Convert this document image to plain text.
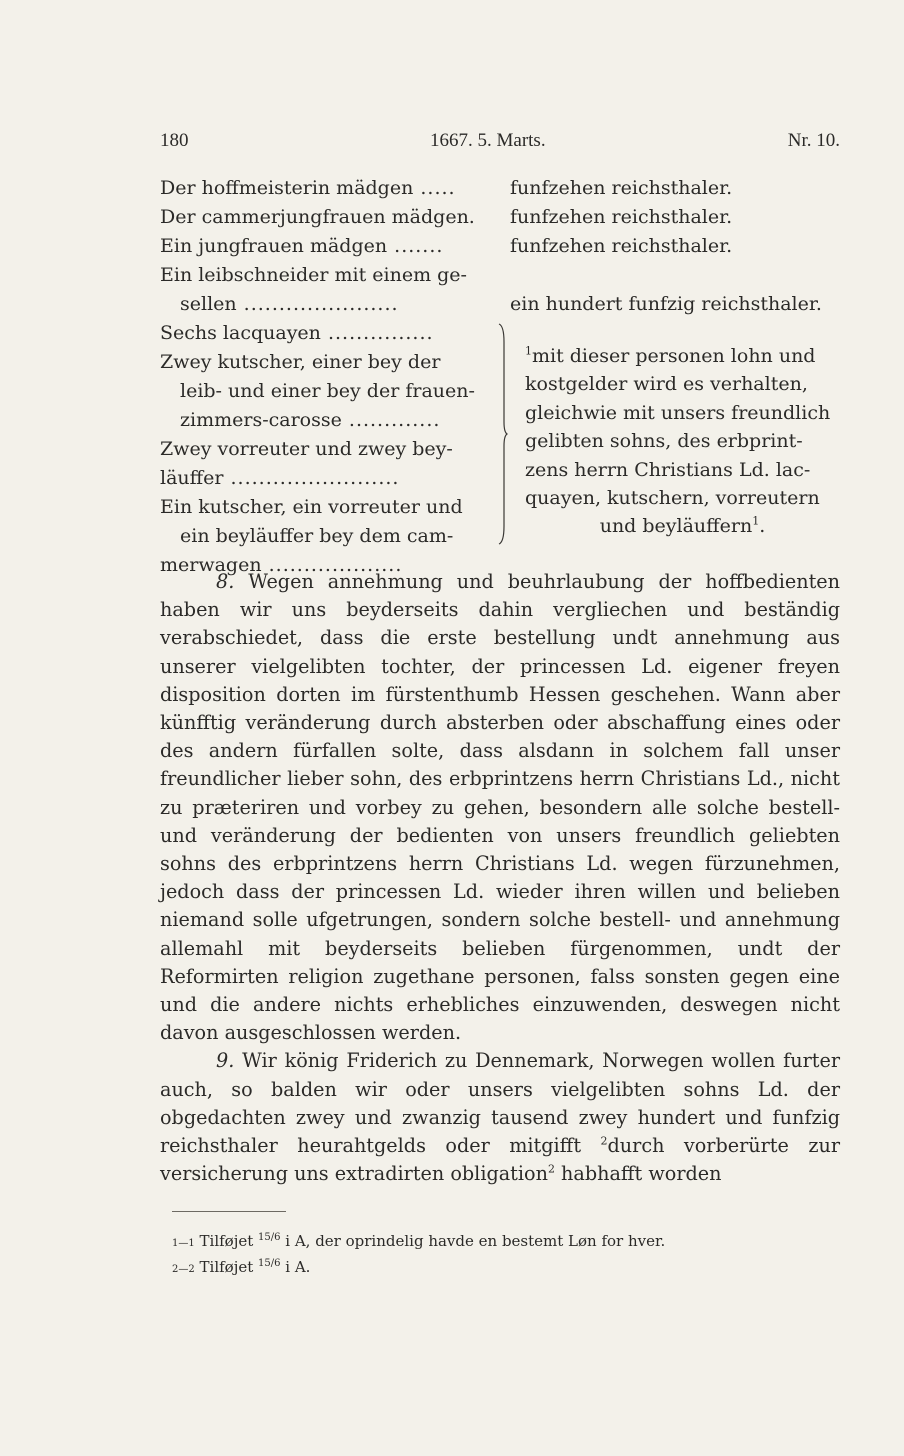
180	1667. 5. Marts.	Nr. 10.
Der hoffmeisterin mädgen .....	funfzehen reichsthaler.
Der cammerjungfrauen mädgen.	funfzehen reichsthaler.
Ein jungfrauen mädgen .......	funfzehen reichsthaler.
Ein leibschneider mit einem ge-
sellen ......................	ein hundert funfzig reichsthaler.
Sechs lacquayen ...............
Zwey kutscher, einer bey der
leib- und einer bey der frauen-
zimmers-carosse .............
Zwey vorreuter und zwey bey-
läuffer ........................
Ein kutscher, ein vorreuter und
ein beyläuffer bey dem cam-
merwagen ...................
$^1$mit dieser personen lohn und
kostgelder wird es verhalten,
gleichwie mit unsers freundlich
gelibten sohns, des erbprint-
zens herrn Christians Ld. lac-
quayen, kutschern, vorreutern
und beyläuffern$^1$.

8. Wegen annehmung und beuhrlaubung der hoffbedienten haben wir uns beyderseits dahin vergliechen und beständig verabschiedet, dass die erste bestellung undt annehmung aus unserer vielgelibten tochter, der princessen Ld. eigener freyen disposition dorten im fürstenthumb Hessen geschehen. Wann aber künfftig veränderung durch absterben oder abschaffung eines oder des andern fürfallen solte, dass alsdann in solchem fall unser freundlicher lieber sohn, des erbprintzens herrn Christians Ld., nicht zu præteriren und vorbey zu gehen, besondern alle solche bestell- und veränderung der bedienten von unsers freundlich geliebten sohns des erbprintzens herrn Christians Ld. wegen fürzunehmen, jedoch dass der princessen Ld. wieder ihren willen und belieben niemand solle ufgetrungen, sondern solche bestell- und annehmung allemahl mit beyderseits belieben fürgenommen, undt der Reformirten religion zugethane personen, falss sonsten gegen eine und die andere nichts erhebliches einzuwenden, deswegen nicht davon ausgeschlossen werden.

9. Wir könig Friderich zu Dennemark, Norwegen wollen furter auch, so balden wir oder unsers vielgelibten sohns Ld. der obgedachten zwey und zwanzig tausend zwey hundert und funfzig reichsthaler heurahtgelds oder mitgifft $^2$durch vorberürte zur versicherung uns extradirten obligation$^2$ habhafft worden

1—1 Tilføjet $^{15/6}$ i A, der oprindelig havde en bestemt Løn for hver.
2—2 Tilføjet $^{15/6}$ i A.
